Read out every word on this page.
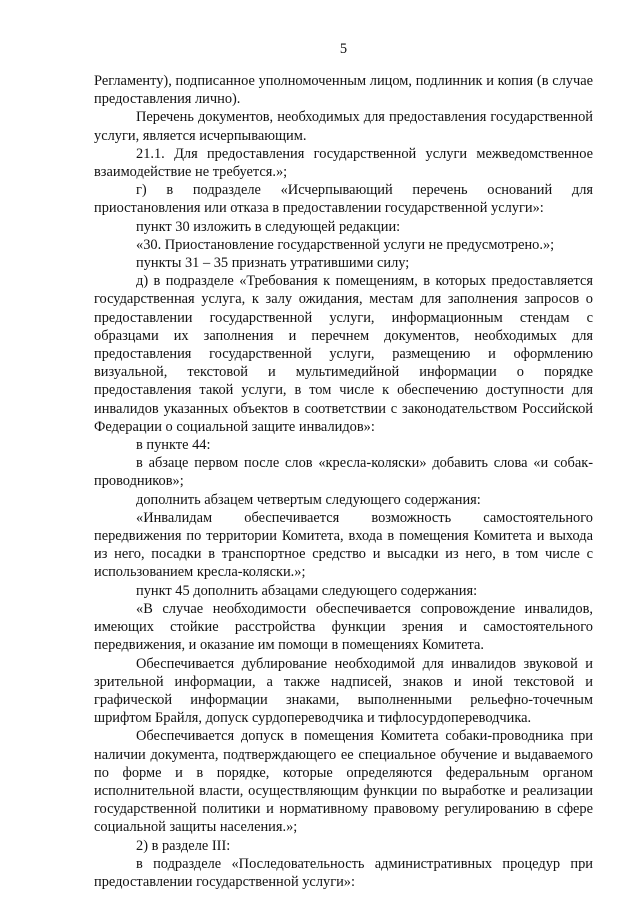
5

Регламенту), подписанное уполномоченным лицом, подлинник и копия (в случае предоставления лично).

Перечень документов, необходимых для предоставления государственной услуги, является исчерпывающим.

21.1. Для предоставления государственной услуги межведомственное взаимодействие не требуется.»;

г) в подразделе «Исчерпывающий перечень оснований для приостановления или отказа в предоставлении государственной услуги»:

пункт 30 изложить в следующей редакции:

«30. Приостановление государственной услуги не предусмотрено.»;

пункты 31 – 35 признать утратившими силу;

д) в подразделе «Требования к помещениям, в которых предоставляется государственная услуга, к залу ожидания, местам для заполнения запросов о предоставлении государственной услуги, информационным стендам с образцами их заполнения и перечнем документов, необходимых для предоставления государственной услуги, размещению и оформлению визуальной, текстовой и мультимедийной информации о порядке предоставления такой услуги, в том числе к обеспечению доступности для инвалидов указанных объектов в соответствии с законодательством Российской Федерации о социальной защите инвалидов»:

в пункте 44:

в абзаце первом после слов «кресла-коляски» добавить слова «и собак-проводников»;

дополнить абзацем четвертым следующего содержания:

«Инвалидам обеспечивается возможность самостоятельного передвижения по территории Комитета, входа в помещения Комитета и выхода из него, посадки в транспортное средство и высадки из него, в том числе с использованием кресла-коляски.»;

пункт 45 дополнить абзацами следующего содержания:

«В случае необходимости обеспечивается сопровождение инвалидов, имеющих стойкие расстройства функции зрения и самостоятельного передвижения, и оказание им помощи в помещениях Комитета.

Обеспечивается дублирование необходимой для инвалидов звуковой и зрительной информации, а также надписей, знаков и иной текстовой и графической информации знаками, выполненными рельефно-точечным шрифтом Брайля, допуск сурдопереводчика и тифлосурдопереводчика.

Обеспечивается допуск в помещения Комитета собаки-проводника при наличии документа, подтверждающего ее специальное обучение и выдаваемого по форме и в порядке, которые определяются федеральным органом исполнительной власти, осуществляющим функции по выработке и реализации государственной политики и нормативному правовому регулированию в сфере социальной защиты населения.»;

2) в разделе III:

в подразделе «Последовательность административных процедур при предоставлении государственной услуги»:
